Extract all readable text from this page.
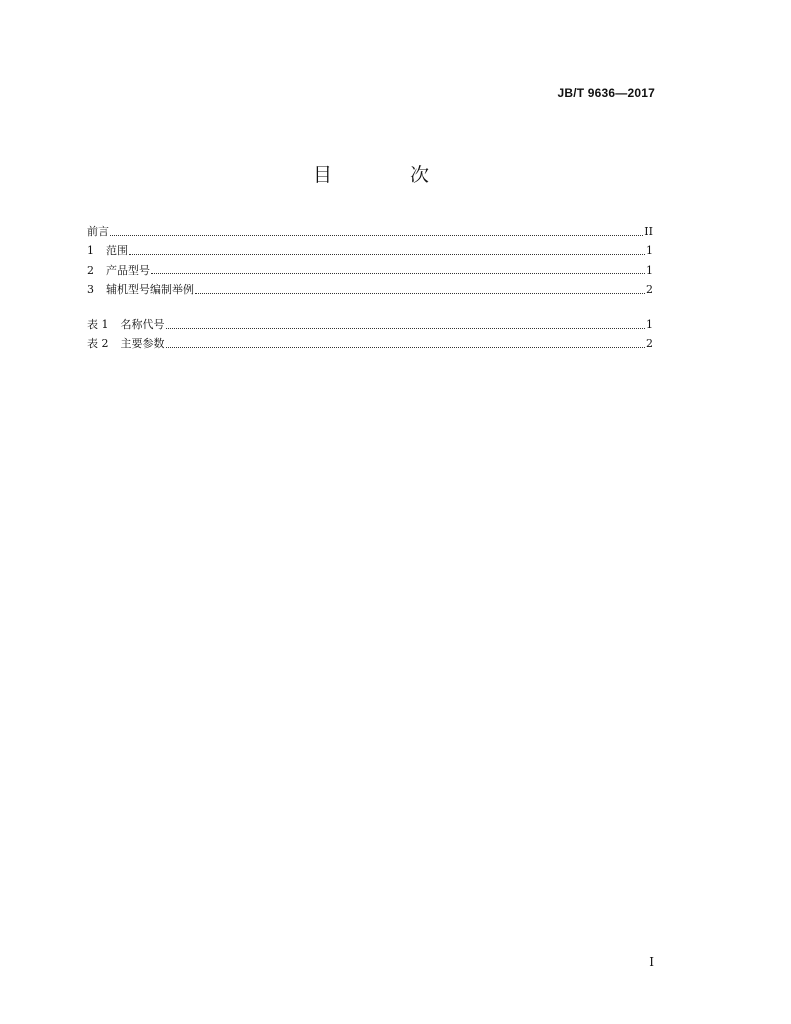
JB/T 9636—2017
目 次
前言	II
1 范围	1
2 产品型号	1
3 辅机型号编制举例	2
表 1 名称代号	1
表 2 主要参数	2
I
